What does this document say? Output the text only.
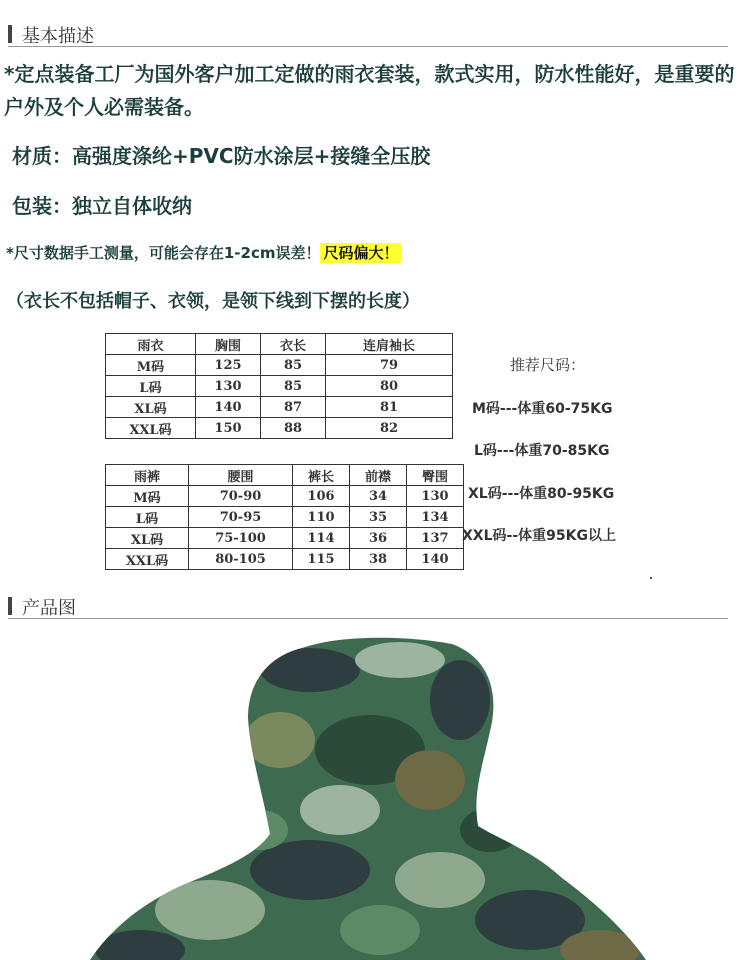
基本描述
*定点装备工厂为国外客户加工定做的雨衣套装，款式实用，防水性能好，是重要的户外及个人必需装备。
材质：高强度涤纶+PVC防水涂层+接缝全压胶
包装：独立自体收纳
*尺寸数据手工测量，可能会存在1-2cm误差！ 尺码偏大！
（衣长不包括帽子、衣领，是领下线到下摆的长度）
雨衣	胸围	衣长	连肩袖长
M码	125	85	79
L码	130	85	80
XL码	140	87	81
XXL码	150	88	82
雨裤	腰围	裤长	前襟	臀围
M码	70-90	106	34	130
L码	70-95	110	35	134
XL码	75-100	114	36	137
XXL码	80-105	115	38	140
推荐尺码：
M码---体重60-75KG
L码---体重70-85KG
XL码---体重80-95KG
XXL码--体重95KG以上
产品图
